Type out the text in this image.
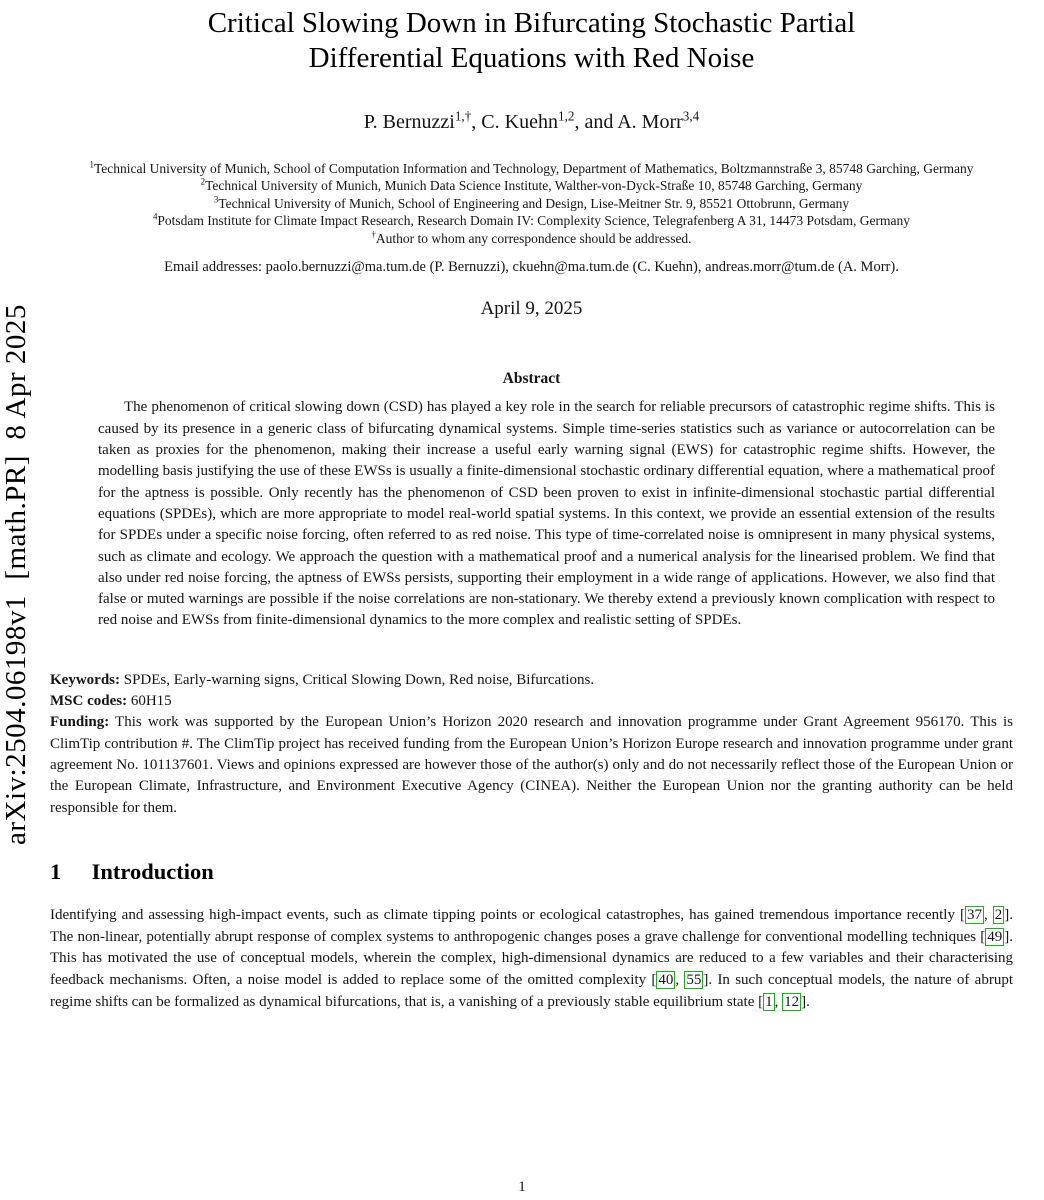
arXiv:2504.06198v1  [math.PR]  8 Apr 2025
Critical Slowing Down in Bifurcating Stochastic Partial
Differential Equations with Red Noise
P. Bernuzzi$^{1,\dagger}$, C. Kuehn$^{1,2}$, and A. Morr$^{3,4}$

$^1$Technical University of Munich, School of Computation Information and Technology, Department of Mathematics, Boltzmannstraße 3, 85748 Garching, Germany

$^2$Technical University of Munich, Munich Data Science Institute, Walther-von-Dyck-Straße 10, 85748 Garching, Germany

$^3$Technical University of Munich, School of Engineering and Design, Lise-Meitner Str. 9, 85521 Ottobrunn, Germany

$^4$Potsdam Institute for Climate Impact Research, Research Domain IV: Complexity Science, Telegrafenberg A 31, 14473 Potsdam, Germany

†Author to whom any correspondence should be addressed.

Email addresses: paolo.bernuzzi@ma.tum.de (P. Bernuzzi), ckuehn@ma.tum.de (C. Kuehn), andreas.morr@tum.de (A. Morr).
April 9, 2025
Abstract

The phenomenon of critical slowing down (CSD) has played a key role in the search for reliable precursors of catastrophic regime shifts. This is caused by its presence in a generic class of bifurcating dynamical systems. Simple time-series statistics such as variance or autocorrelation can be taken as proxies for the phenomenon, making their increase a useful early warning signal (EWS) for catastrophic regime shifts. However, the modelling basis justifying the use of these EWSs is usually a finite-dimensional stochastic ordinary differential equation, where a mathematical proof for the aptness is possible. Only recently has the phenomenon of CSD been proven to exist in infinite-dimensional stochastic partial differential equations (SPDEs), which are more appropriate to model real-world spatial systems. In this context, we provide an essential extension of the results for SPDEs under a specific noise forcing, often referred to as red noise. This type of time-correlated noise is omnipresent in many physical systems, such as climate and ecology. We approach the question with a mathematical proof and a numerical analysis for the linearised problem. We find that also under red noise forcing, the aptness of EWSs persists, supporting their employment in a wide range of applications. However, we also find that false or muted warnings are possible if the noise correlations are non-stationary. We thereby extend a previously known complication with respect to red noise and EWSs from finite-dimensional dynamics to the more complex and realistic setting of SPDEs.

Keywords: SPDEs, Early-warning signs, Critical Slowing Down, Red noise, Bifurcations.

MSC codes: 60H15

Funding: This work was supported by the European Union’s Horizon 2020 research and innovation programme under Grant Agreement 956170. This is ClimTip contribution #. The ClimTip project has received funding from the European Union’s Horizon Europe research and innovation programme under grant agreement No. 101137601. Views and opinions expressed are however those of the author(s) only and do not necessarily reflect those of the European Union or the European Climate, Infrastructure, and Environment Executive Agency (CINEA). Neither the European Union nor the granting authority can be held responsible for them.

1 Introduction

Identifying and assessing high-impact events, such as climate tipping points or ecological catastrophes, has gained tremendous importance recently [ 37 , 2 ]. The non-linear, potentially abrupt response of complex systems to anthropogenic changes poses a grave challenge for conventional modelling techniques [ 49 ]. This has motivated the use of conceptual models, wherein the complex, high-dimensional dynamics are reduced to a few variables and their characterising feedback mechanisms. Often, a noise model is added to replace some of the omitted complexity [ 40 , 55 ]. In such conceptual models, the nature of abrupt regime shifts can be formalized as dynamical bifurcations, that is, a vanishing of a previously stable equilibrium state [ 1 , 12 ].

1
